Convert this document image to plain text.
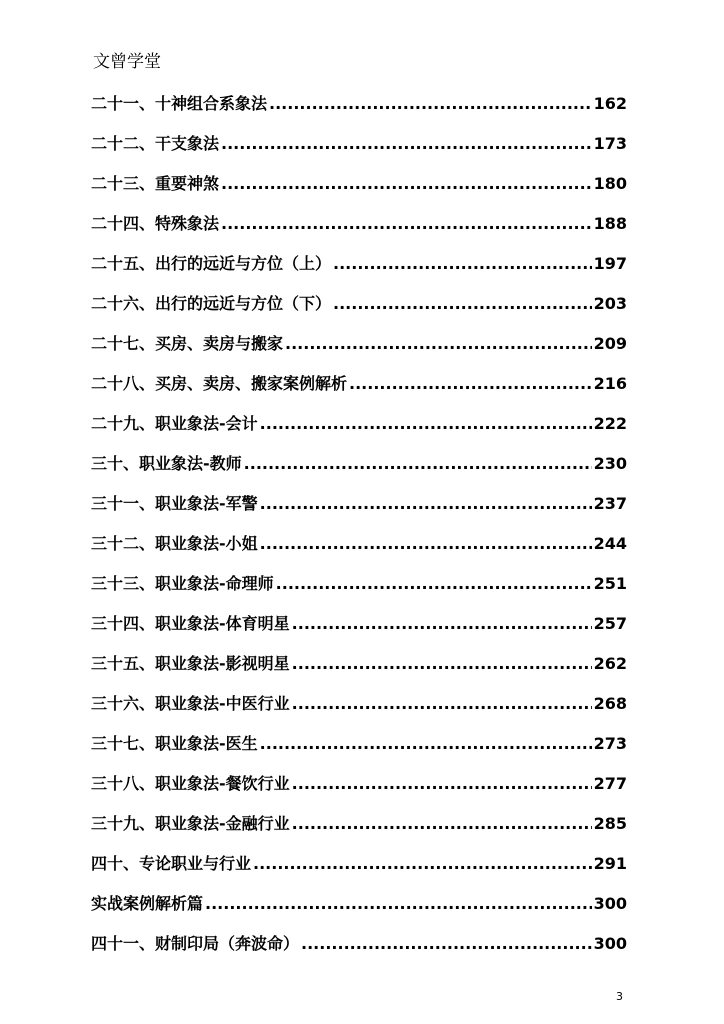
文曾学堂
二十一、十神组合系象法 .....	162
二十二、干支象法 .....	173
二十三、重要神煞 .....	180
二十四、特殊象法 .....	188
二十五、出行的远近与方位（上） .....	197
二十六、出行的远近与方位（下） .....	203
二十七、买房、卖房与搬家 .....	209
二十八、买房、卖房、搬家案例解析 .....	216
二十九、职业象法-会计 .....	222
三十、职业象法-教师 .....	230
三十一、职业象法-军警 .....	237
三十二、职业象法-小姐 .....	244
三十三、职业象法-命理师 .....	251
三十四、职业象法-体育明星 .....	257
三十五、职业象法-影视明星 .....	262
三十六、职业象法-中医行业 .....	268
三十七、职业象法-医生 .....	273
三十八、职业象法-餐饮行业 .....	277
三十九、职业象法-金融行业 .....	285
四十、专论职业与行业 .....	291
实战案例解析篇 .....	300
四十一、财制印局（奔波命） .....	300
3
